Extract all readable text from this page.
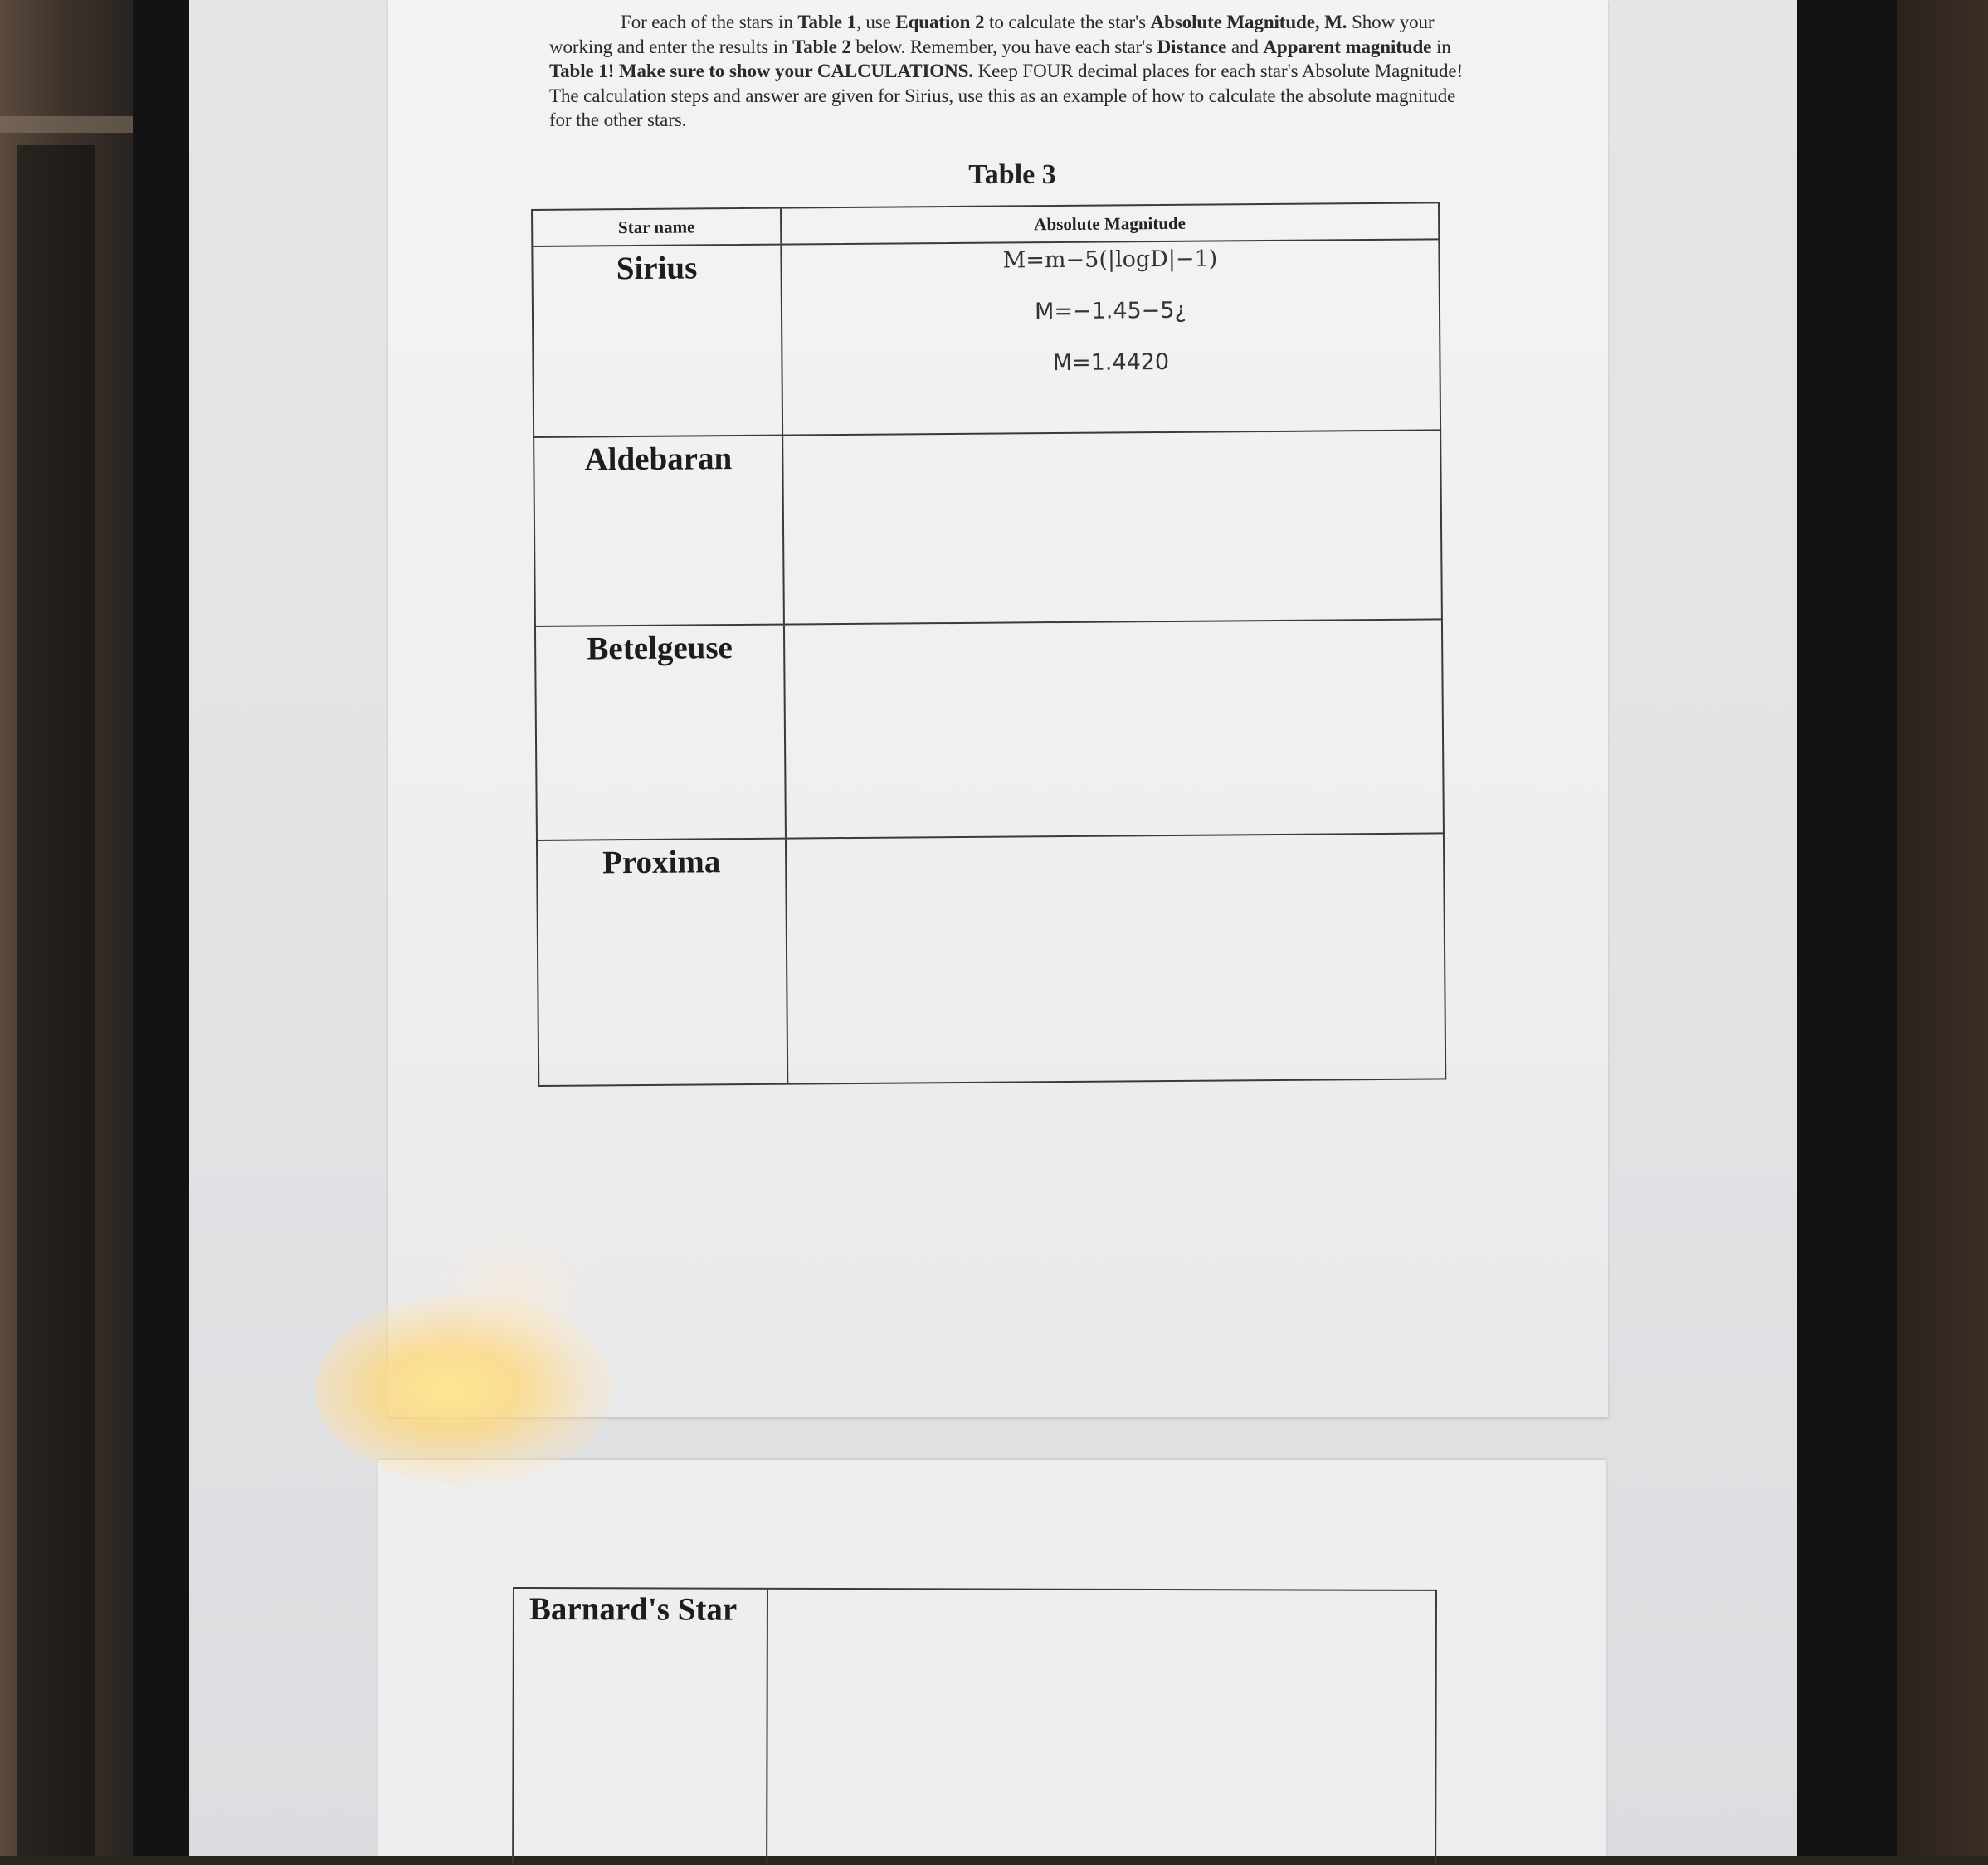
For each of the stars in Table 1, use Equation 2 to calculate the star's Absolute Magnitude, M. Show your working and enter the results in Table 2 below. Remember, you have each star's Distance and Apparent magnitude in Table 1! Make sure to show your CALCULATIONS. Keep FOUR decimal places for each star's Absolute Magnitude! The calculation steps and answer are given for Sirius, use this as an example of how to calculate the absolute magnitude for the other stars.
Table 3
Star name	Absolute Magnitude
Sirius	M=m−5(|logD|−1)
M=−1.45−5¿
M=1.4420
Aldebaran
Betelgeuse
Proxima
Barnard's Star
